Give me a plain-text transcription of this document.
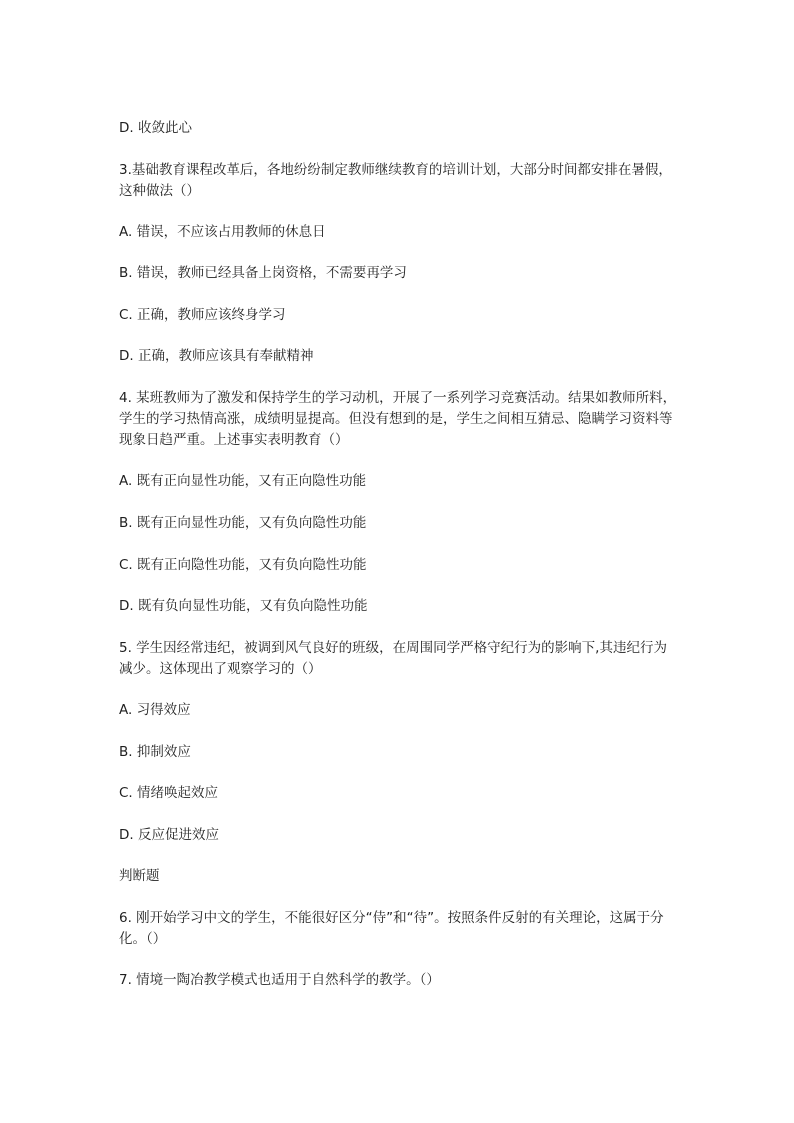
D. 收敛此心
3.基础教育课程改革后，各地纷纷制定教师继续教育的培训计划，大部分时间都安排在暑假，这种做法（）
A. 错误，不应该占用教师的休息日
B. 错误，教师已经具备上岗资格，不需要再学习
C. 正确，教师应该终身学习
D. 正确，教师应该具有奉献精神
4. 某班教师为了激发和保持学生的学习动机，开展了一系列学习竞赛活动。结果如教师所料，学生的学习热情高涨，成绩明显提高。但没有想到的是，学生之间相互猜忌、隐瞒学习资料等现象日趋严重。上述事实表明教育（）
A. 既有正向显性功能，又有正向隐性功能
B. 既有正向显性功能，又有负向隐性功能
C. 既有正向隐性功能，又有负向隐性功能
D. 既有负向显性功能，又有负向隐性功能
5. 学生因经常违纪，被调到风气良好的班级，在周围同学严格守纪行为的影响下,其违纪行为减少。这体现出了观察学习的（）
A. 习得效应
B. 抑制效应
C. 情绪唤起效应
D. 反应促进效应
判断题
6. 刚开始学习中文的学生，不能很好区分“侍”和“待”。按照条件反射的有关理论，这属于分化。（）
7. 情境一陶冶教学模式也适用于自然科学的教学。（）
